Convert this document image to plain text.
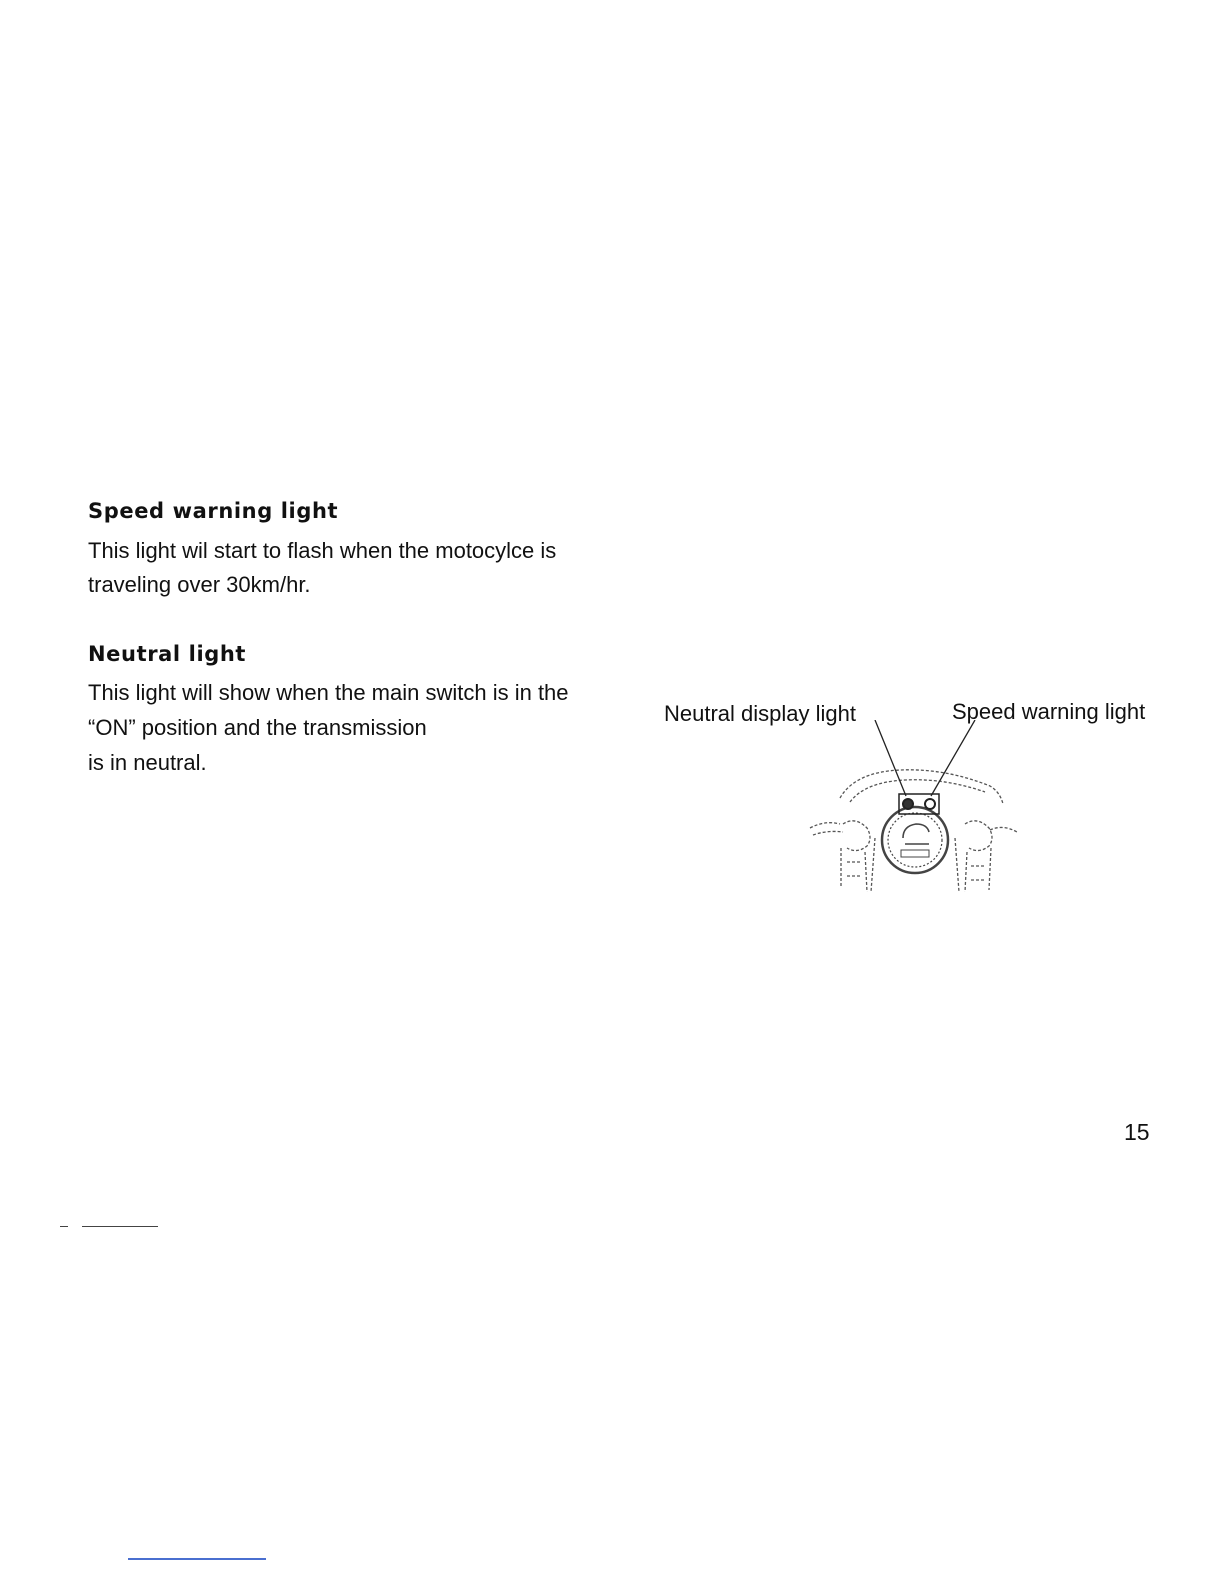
Speed warning light

This light wil start to flash when the motocylce is

traveling over 30km/hr.

Neutral light

This light will show when the main switch is in the

“ON” position and the transmission

is in neutral.

Neutral display light	Speed warning light

15
